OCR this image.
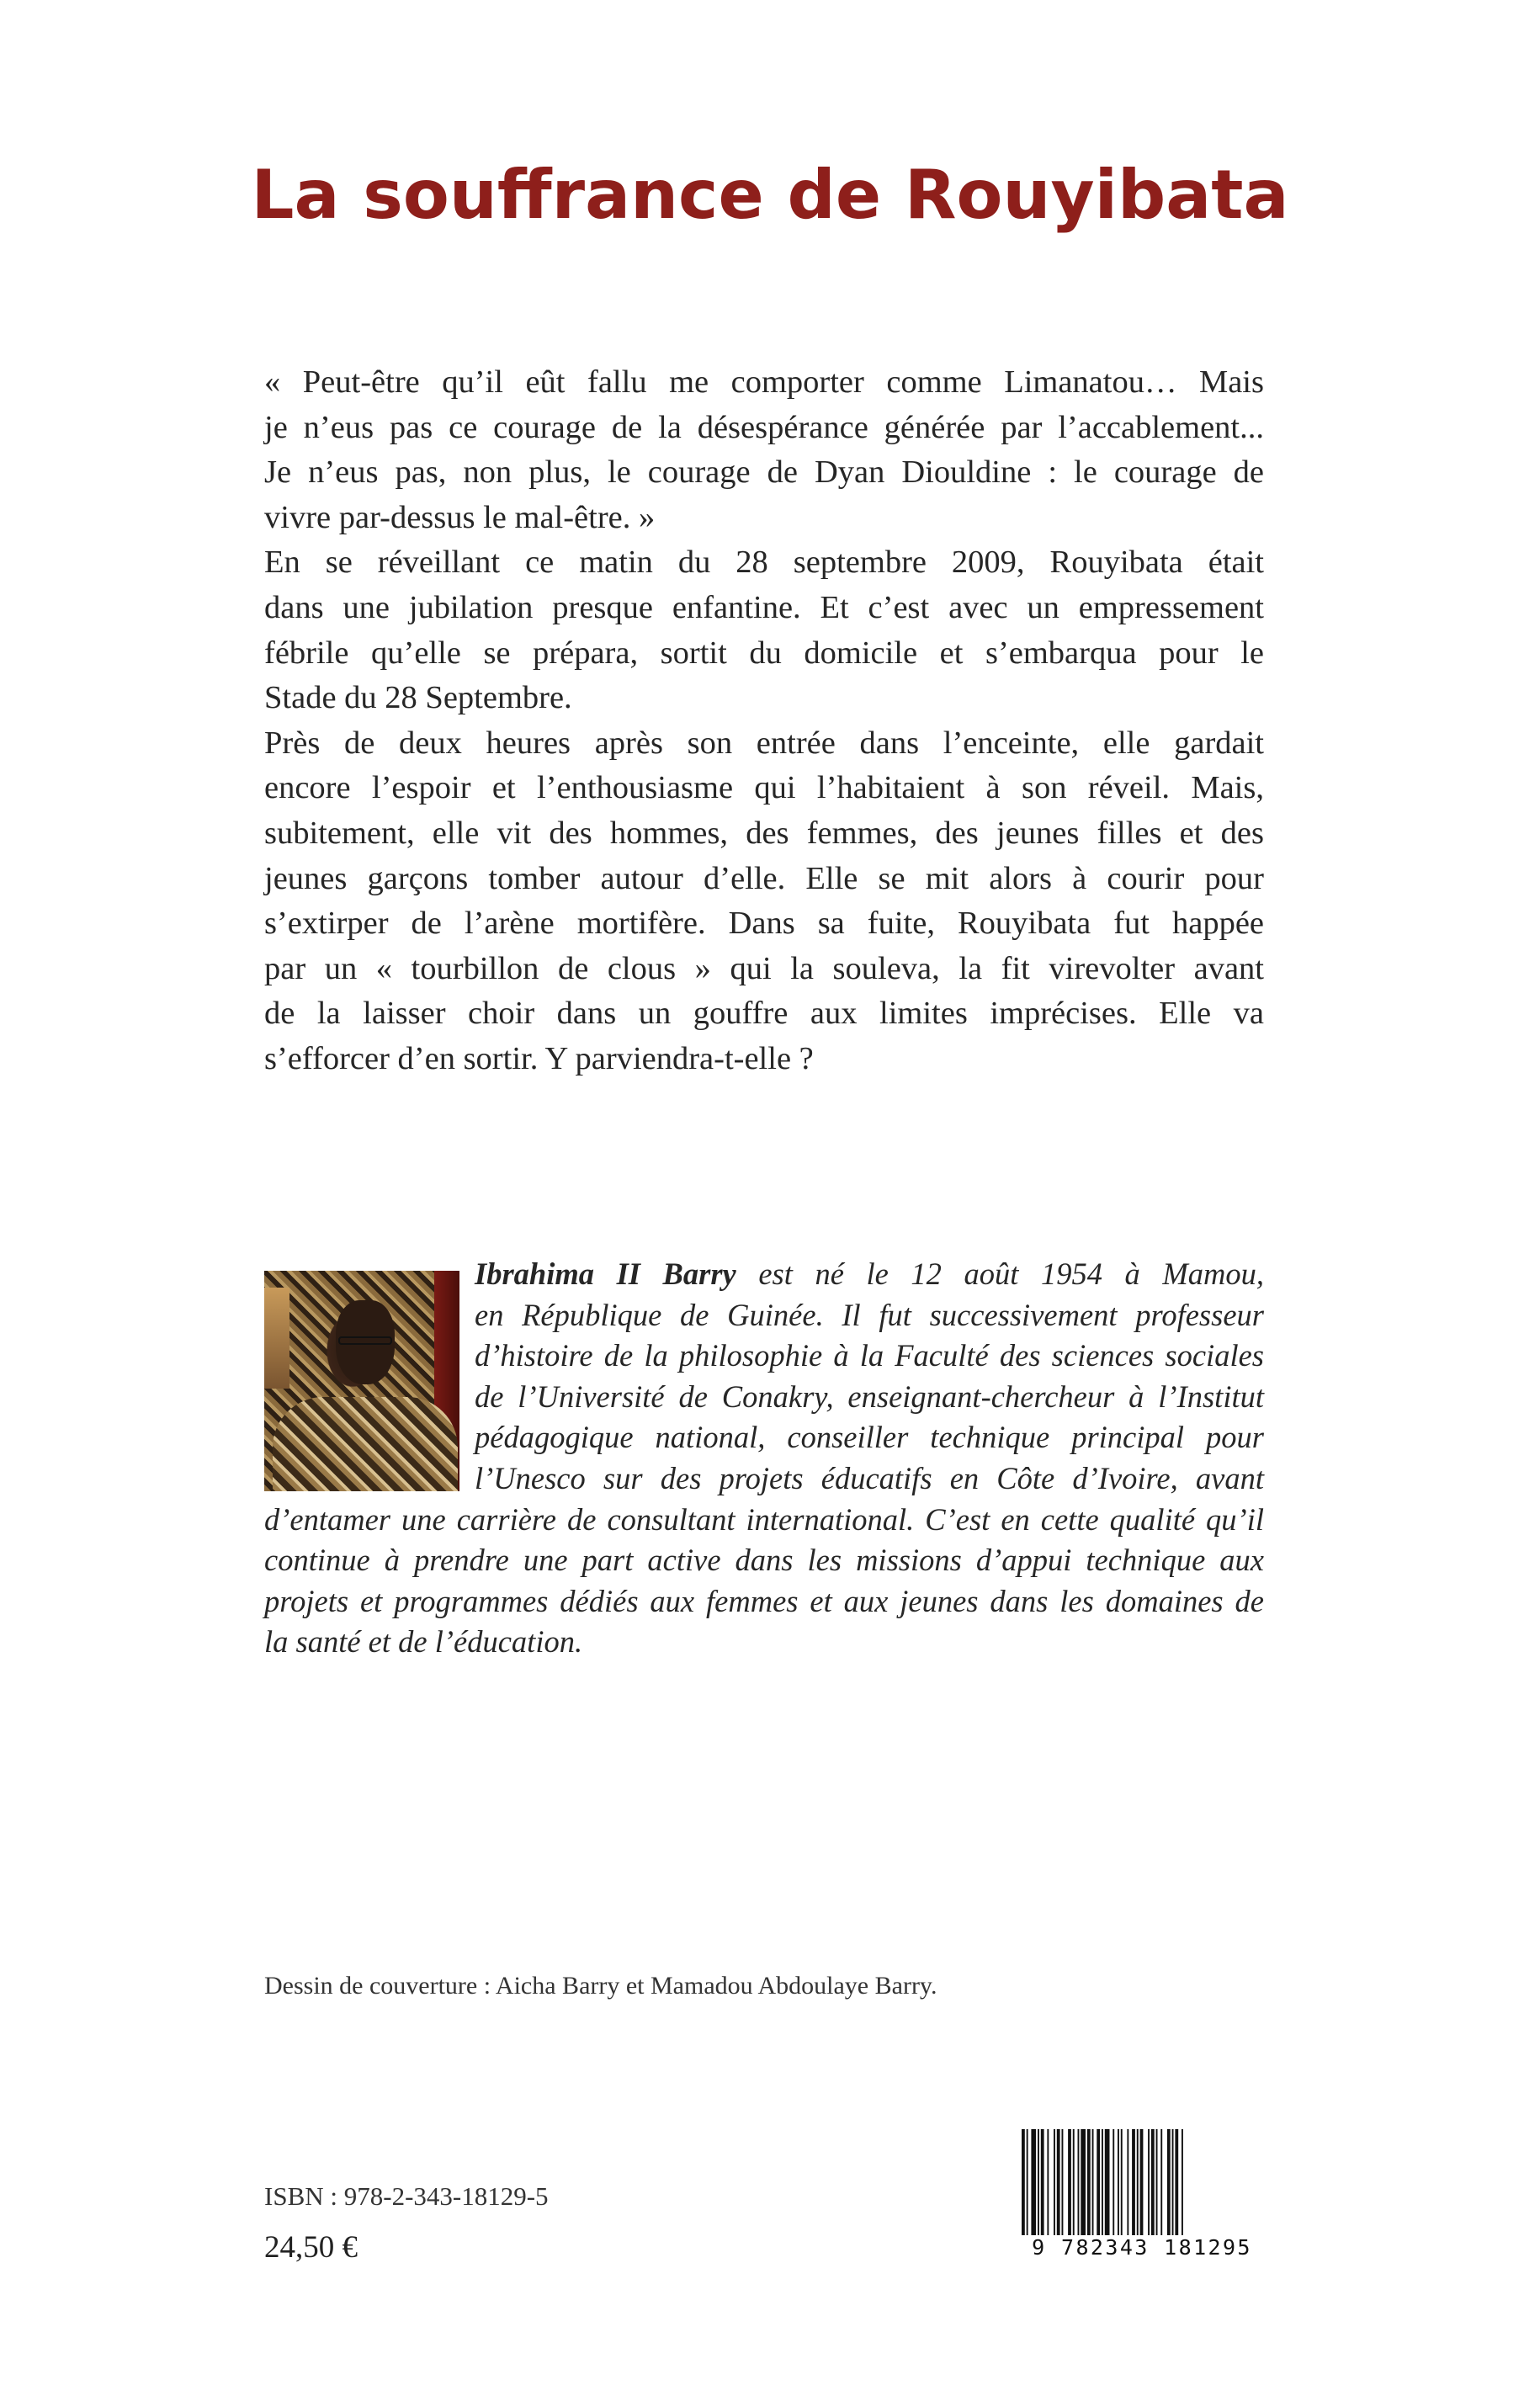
La souffrance de Rouyibata

« Peut-être qu’il eût fallu me comporter comme Limanatou… Mais
je n’eus pas ce courage de la désespérance générée par l’accablement...
Je n’eus pas, non plus, le courage de Dyan Diouldine : le courage de
vivre par-dessus le mal-être. »

En se réveillant ce matin du 28 septembre 2009, Rouyibata était
dans une jubilation presque enfantine. Et c’est avec un empressement
fébrile qu’elle se prépara, sortit du domicile et s’embarqua pour le
Stade du 28 Septembre.

Près de deux heures après son entrée dans l’enceinte, elle gardait
encore l’espoir et l’enthousiasme qui l’habitaient à son réveil. Mais,
subitement, elle vit des hommes, des femmes, des jeunes filles et des
jeunes garçons tomber autour d’elle. Elle se mit alors à courir pour
s’extirper de l’arène mortifère. Dans sa fuite, Rouyibata fut happée
par un « tourbillon de clous » qui la souleva, la fit virevolter avant
de la laisser choir dans un gouffre aux limites imprécises. Elle va
s’efforcer d’en sortir. Y parviendra-t-elle ?

Ibrahima II Barry est né le 12 août 1954 à Mamou,
en République de Guinée. Il fut successivement professeur
d’histoire de la philosophie à la Faculté des sciences sociales
de l’Université de Conakry, enseignant-chercheur à l’Institut
pédagogique national, conseiller technique principal pour
l’Unesco sur des projets éducatifs en Côte d’Ivoire, avant
d’entamer une carrière de consultant international. C’est en cette qualité qu’il
continue à prendre une part active dans les missions d’appui technique aux
projets et programmes dédiés aux femmes et aux jeunes dans les domaines de
la santé et de l’éducation.
Dessin de couverture : Aicha Barry et Mamadou Abdoulaye Barry.
ISBN : 978-2-343-18129-5
24,50 €	9 782343 181295
